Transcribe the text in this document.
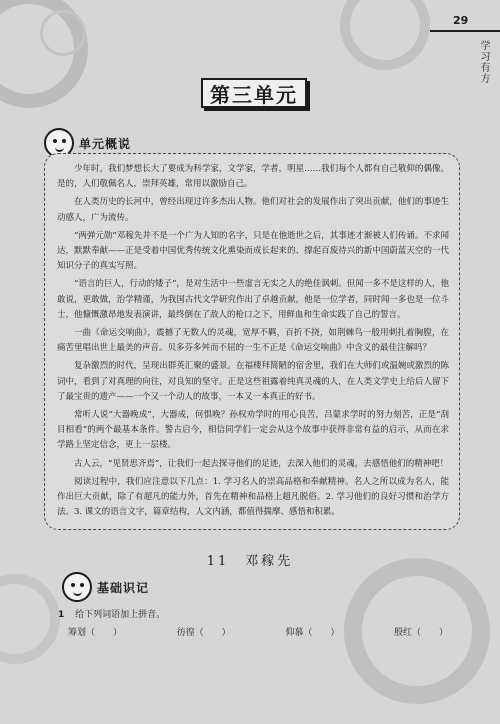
29
学习有方
第三单元
单元概说

少年时，我们梦想长大了要成为科学家，文学家，学者，明星……我们每个人都有自己敬仰的偶像。是的，人们敬佩名人，崇拜英雄，常用以激励自己。

在人类历史的长河中，曾经出现过许多杰出人物。他们对社会的发展作出了突出贡献，他们的事迹生动感人，广为流传。

“两弹元勋”邓稼先并不是一个广为人知的名字，只是在他逝世之后，其事迹才渐被人们传诵。不求闻达，默默奉献——正是受着中国优秀传统文化熏染而成长起来的、撑起百废待兴的新中国蔚蓝天空的一代知识分子的真实写照。

“语言的巨人，行动的矮子”，是对生活中一些虚言无实之人的绝佳讽刺。但闻一多不是这样的人，他敢说，更敢做，治学精谨，为我国古代文学研究作出了卓越贡献，他是一位学者，同时闻一多也是一位斗士，他慷慨激昂地发表演讲，最终倒在了敌人的枪口之下，用鲜血和生命实践了自己的誓言。

一曲《命运交响曲》，震撼了无数人的灵魂，宽厚不羁，百折不挠，如荆棘鸟一般用刺扎着胸膛，在痛苦里唱出世上最美的声音。贝多芬多舛而不屈的一生不正是《命运交响曲》中含义的最佳注解吗？

复杂激烈的时代，呈现出群英汇聚的盛景。在福楼拜简陋的宿舍里，我们在大师们或温婉或激烈的陈词中，看到了对真理的向往，对良知的坚守。正是这些祖露着纯真灵魂的人，在人类文学史上给后人留下了最宝贵的遗产——一个又一个动人的故事，一本又一本真正的好书。

常听人说“大器晚成”，大器成，何惧晚？孙权劝学时的用心良苦，吕蒙求学时的努力刻苦，正是“刮目相看”的两个最基本条件。警古启今，相信同学们一定会从这个故事中获得非常有益的启示，从而在求学路上坚定信念，更上一层楼。

古人云，“见贤思齐焉”，让我们一起去探寻他们的足迹，去深入他们的灵魂，去感悟他们的精神吧！

阅读过程中，我们应注意以下几点：1. 学习名人的崇高品格和奉献精神。名人之所以成为名人，能作出巨大贡献，除了有超凡的能力外，首先在精神和品格上超凡脱俗。2. 学习他们的良好习惯和治学方法。3. 课文的语言文字，篇章结构，人文内涵，都值得揣摩、感悟和积累。

11　邓稼先
基础识记
1 给下列词语加上拼音。
筹划（　　）	彷徨（　　）	仰慕（　　）	殷红（　　）
